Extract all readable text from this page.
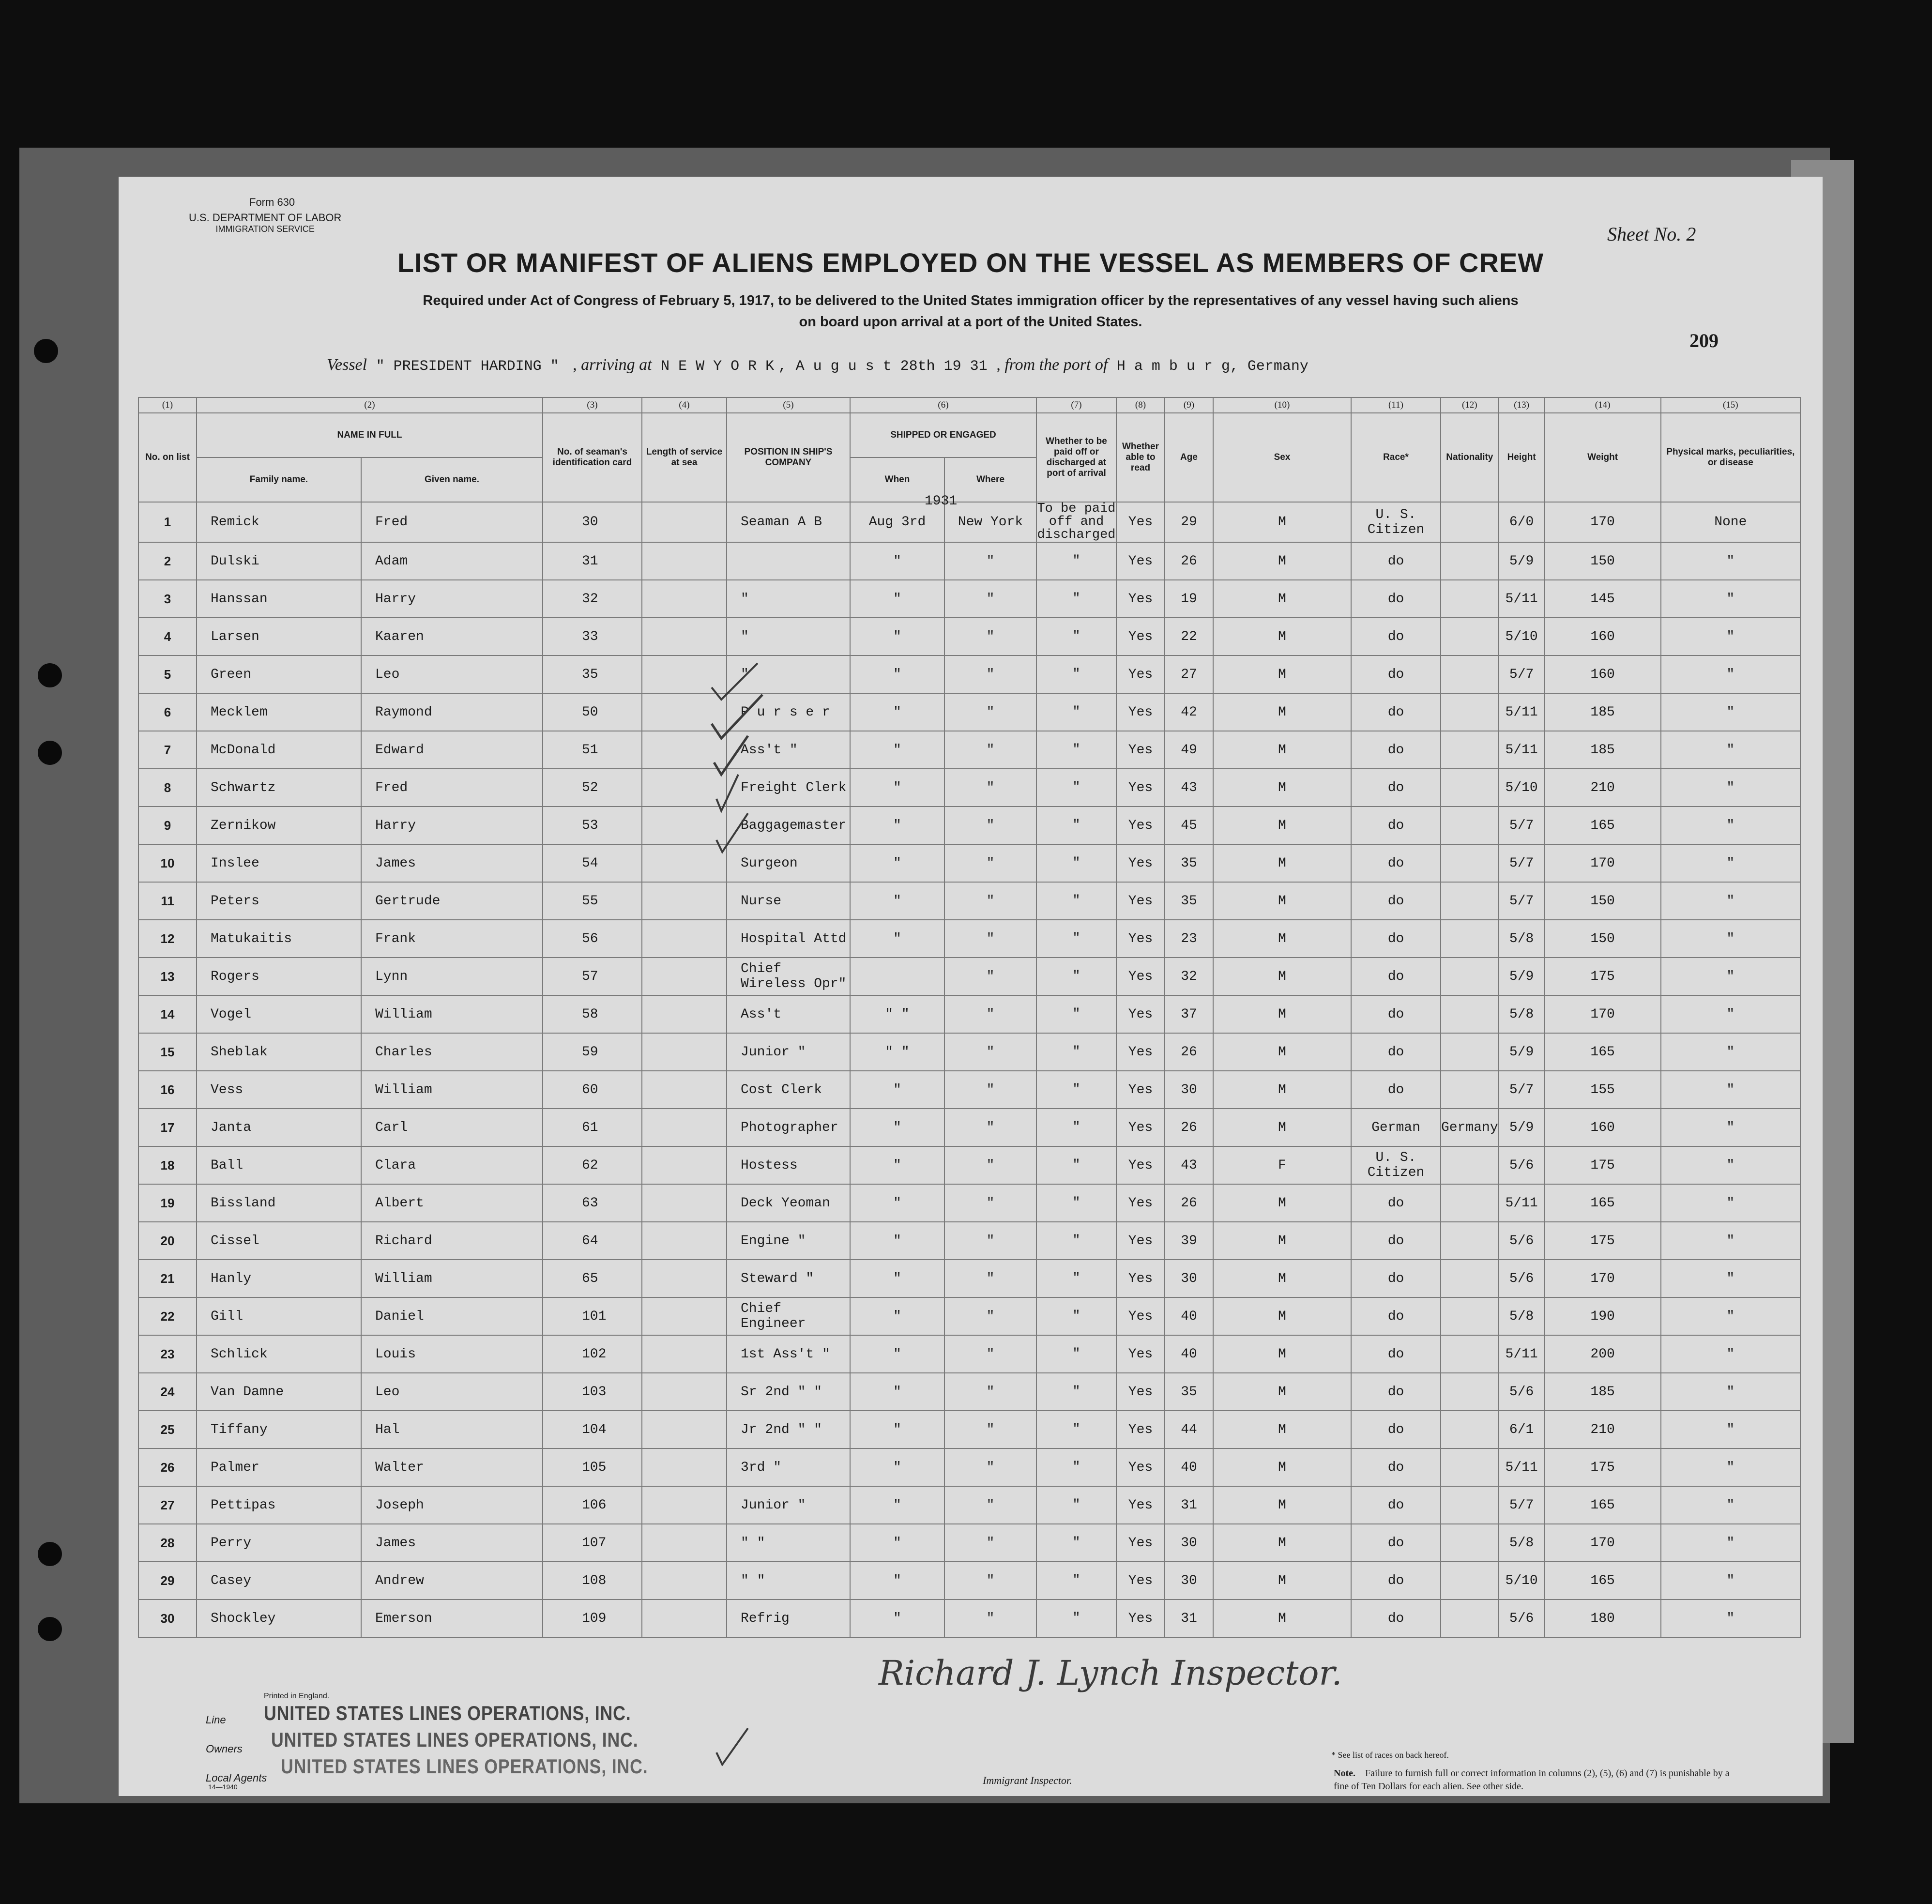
Form 630
U.S. DEPARTMENT OF LABOR
IMMIGRATION SERVICE	Sheet No. 2
LIST OR MANIFEST OF ALIENS EMPLOYED ON THE VESSEL AS MEMBERS OF CREW
Required under Act of Congress of February 5, 1917, to be delivered to the United States immigration officer by the representatives of any vessel having such aliens
on board upon arrival at a port of the United States.
209
Vessel " PRESIDENT HARDING " , arriving at N E W Y O R K , A u g u s t 28th 19 31 , from the port of H a m b u r g, Germany
(1)	(2)		(3)	(4)	(5)	(6)		(7)	(8)	(9)	(10)	(11)	(12)	(13)	(14)	(15)
No. on list	NAME IN FULL		No. of seaman's identification card	Length of service at sea	POSITION IN SHIP'S COMPANY	SHIPPED OR ENGAGED		Whether to be paid off or discharged at port of arrival	Whether able to read	Age	Sex	Race*	Nationality	Height	Weight	Physical marks, peculiarities, or disease
	Family name.	Given name.				When	Where									
1	Remick	Fred	30		Seaman A B	Aug 3rd	New York	To be paid off and discharged	Yes	29	M	U. S. Citizen		6/0	170	None
2	Dulski	Adam	31			"	"	"	Yes	26	M	do		5/9	150	"
3	Hanssan	Harry	32		"	"	"	"	Yes	19	M	do		5/11	145	"
4	Larsen	Kaaren	33		"	"	"	"	Yes	22	M	do		5/10	160	"
5	Green	Leo	35		"	"	"	"	Yes	27	M	do		5/7	160	"
6	Mecklem	Raymond	50		P u r s e r	"	"	"	Yes	42	M	do		5/11	185	"
7	McDonald	Edward	51		Ass't "	"	"	"	Yes	49	M	do		5/11	185	"
8	Schwartz	Fred	52		Freight Clerk	"	"	"	Yes	43	M	do		5/10	210	"
9	Zernikow	Harry	53		Baggagemaster	"	"	"	Yes	45	M	do		5/7	165	"
10	Inslee	James	54		Surgeon	"	"	"	Yes	35	M	do		5/7	170	"
11	Peters	Gertrude	55		Nurse	"	"	"	Yes	35	M	do		5/7	150	"
12	Matukaitis	Frank	56		Hospital Attd	"	"	"	Yes	23	M	do		5/8	150	"
13	Rogers	Lynn	57		Chief Wireless Opr"		"	"	Yes	32	M	do		5/9	175	"
14	Vogel	William	58		Ass't	" "	"	"	Yes	37	M	do		5/8	170	"
15	Sheblak	Charles	59		Junior "	" "	"	"	Yes	26	M	do		5/9	165	"
16	Vess	William	60		Cost Clerk	"	"	"	Yes	30	M	do		5/7	155	"
17	Janta	Carl	61		Photographer	"	"	"	Yes	26	M	German	Germany	5/9	160	"
18	Ball	Clara	62		Hostess	"	"	"	Yes	43	F	U. S. Citizen		5/6	175	"
19	Bissland	Albert	63		Deck Yeoman	"	"	"	Yes	26	M	do		5/11	165	"
20	Cissel	Richard	64		Engine "	"	"	"	Yes	39	M	do		5/6	175	"
21	Hanly	William	65		Steward "	"	"	"	Yes	30	M	do		5/6	170	"
22	Gill	Daniel	101		Chief Engineer	"	"	"	Yes	40	M	do		5/8	190	"
23	Schlick	Louis	102		1st Ass't "	"	"	"	Yes	40	M	do		5/11	200	"
24	Van Damne	Leo	103		Sr 2nd " "	"	"	"	Yes	35	M	do		5/6	185	"
25	Tiffany	Hal	104		Jr 2nd " "	"	"	"	Yes	44	M	do		6/1	210	"
26	Palmer	Walter	105		3rd "	"	"	"	Yes	40	M	do		5/11	175	"
27	Pettipas	Joseph	106		Junior "	"	"	"	Yes	31	M	do		5/7	165	"
28	Perry	James	107		" "	"	"	"	Yes	30	M	do		5/8	170	"
29	Casey	Andrew	108		" "	"	"	"	Yes	30	M	do		5/10	165	"
30	Shockley	Emerson	109		Refrig	"	"	"	Yes	31	M	do		5/6	180	"
1931
Richard J. Lynch Inspector.
Printed in England.
Line
Owners
Local Agents
14—1940
UNITED STATES LINES OPERATIONS, INC.
UNITED STATES LINES OPERATIONS, INC.
UNITED STATES LINES OPERATIONS, INC.
Immigrant Inspector.
* See list of races on back hereof.
Note.—Failure to furnish full or correct information in columns (2), (5), (6) and (7) is punishable by a fine of Ten Dollars for each alien. See other side.
